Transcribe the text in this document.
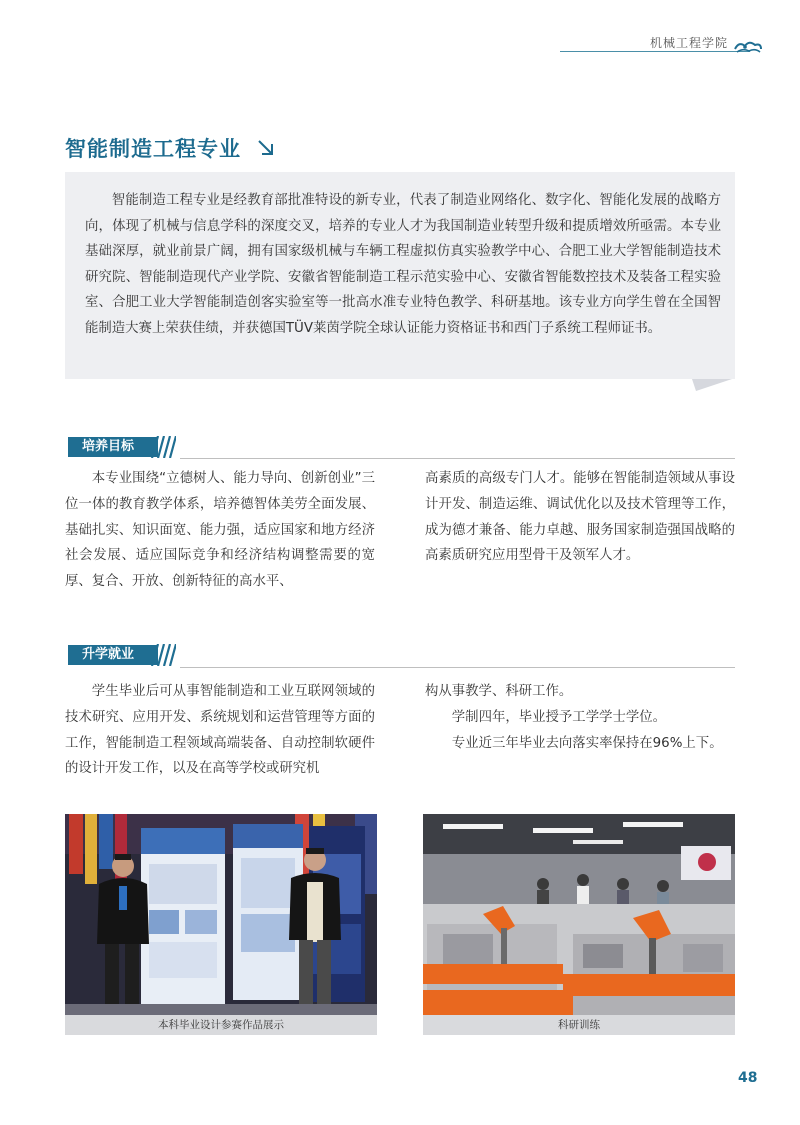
机械工程学院
智能制造工程专业

智能制造工程专业是经教育部批准特设的新专业，代表了制造业网络化、数字化、智能化发展的战略方向，体现了机械与信息学科的深度交叉，培养的专业人才为我国制造业转型升级和提质增效所亟需。本专业基础深厚，就业前景广阔，拥有国家级机械与车辆工程虚拟仿真实验教学中心、合肥工业大学智能制造技术研究院、智能制造现代产业学院、安徽省智能制造工程示范实验中心、安徽省智能数控技术及装备工程实验室、合肥工业大学智能制造创客实验室等一批高水准专业特色教学、科研基地。该专业方向学生曾在全国智能制造大赛上荣获佳绩，并获德国TÜV莱茵学院全球认证能力资格证书和西门子系统工程师证书。

培养目标

本专业围绕“立德树人、能力导向、创新创业”三位一体的教育教学体系，培养德智体美劳全面发展、基础扎实、知识面宽、能力强，适应国家和地方经济社会发展、适应国际竞争和经济结构调整需要的宽厚、复合、开放、创新特征的高水平、

高素质的高级专门人才。能够在智能制造领域从事设计开发、制造运维、调试优化以及技术管理等工作，成为德才兼备、能力卓越、服务国家制造强国战略的高素质研究应用型骨干及领军人才。

升学就业

学生毕业后可从事智能制造和工业互联网领域的技术研究、应用开发、系统规划和运营管理等方面的工作，智能制造工程领域高端装备、自动控制软硬件的设计开发工作，以及在高等学校或研究机

构从事教学、科研工作。

学制四年，毕业授予工学学士学位。

专业近三年毕业去向落实率保持在96%上下。

本科毕业设计参赛作品展示	科研训练
48
